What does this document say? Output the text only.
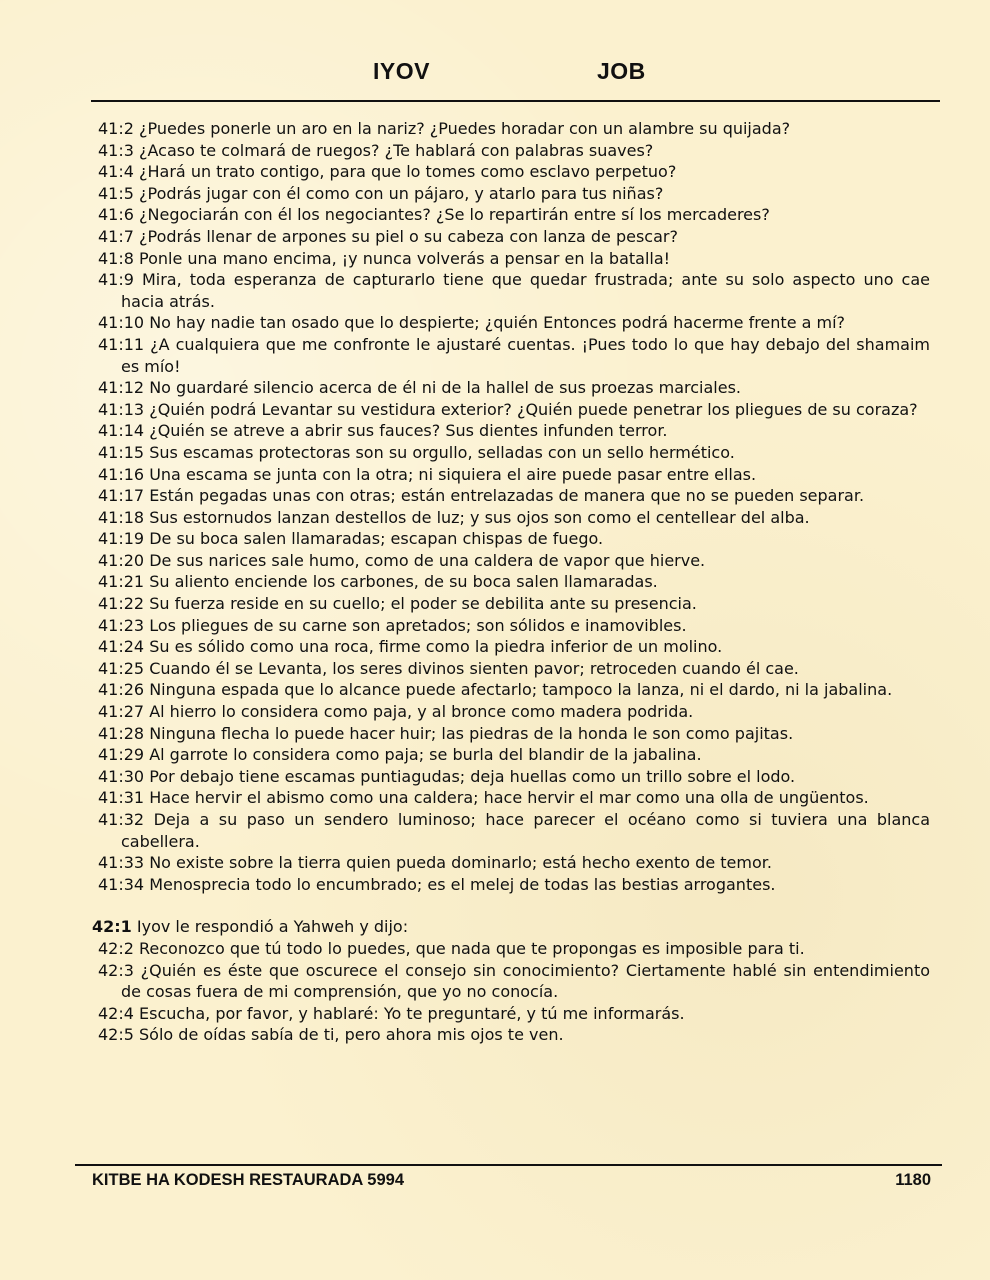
IYOV	JOB

41:2 ¿Puedes ponerle un aro en la nariz? ¿Puedes horadar con un alambre su quijada?

41:3 ¿Acaso te colmará de ruegos? ¿Te hablará con palabras suaves?

41:4 ¿Hará un trato contigo, para que lo tomes como esclavo perpetuo?

41:5 ¿Podrás jugar con él como con un pájaro, y atarlo para tus niñas?

41:6 ¿Negociarán con él los negociantes? ¿Se lo repartirán entre sí los mercaderes?

41:7 ¿Podrás llenar de arpones su piel o su cabeza con lanza de pescar?

41:8 Ponle una mano encima, ¡y nunca volverás a pensar en la batalla!

41:9 Mira, toda esperanza de capturarlo tiene que quedar frustrada; ante su solo aspecto uno cae hacia atrás.

41:10 No hay nadie tan osado que lo despierte; ¿quién Entonces podrá hacerme frente a mí?

41:11 ¿A cualquiera que me confronte le ajustaré cuentas. ¡Pues todo lo que hay debajo del shamaim es mío!

41:12 No guardaré silencio acerca de él ni de la hallel de sus proezas marciales.

41:13 ¿Quién podrá Levantar su vestidura exterior? ¿Quién puede penetrar los pliegues de su coraza?

41:14 ¿Quién se atreve a abrir sus fauces? Sus dientes infunden terror.

41:15 Sus escamas protectoras son su orgullo, selladas con un sello hermético.

41:16 Una escama se junta con la otra; ni siquiera el aire puede pasar entre ellas.

41:17 Están pegadas unas con otras; están entrelazadas de manera que no se pueden separar.

41:18 Sus estornudos lanzan destellos de luz; y sus ojos son como el centellear del alba.

41:19 De su boca salen llamaradas; escapan chispas de fuego.

41:20 De sus narices sale humo, como de una caldera de vapor que hierve.

41:21 Su aliento enciende los carbones, de su boca salen llamaradas.

41:22 Su fuerza reside en su cuello; el poder se debilita ante su presencia.

41:23 Los pliegues de su carne son apretados; son sólidos e inamovibles.

41:24 Su es sólido como una roca, firme como la piedra inferior de un molino.

41:25 Cuando él se Levanta, los seres divinos sienten pavor; retroceden cuando él cae.

41:26 Ninguna espada que lo alcance puede afectarlo; tampoco la lanza, ni el dardo, ni la jabalina.

41:27 Al hierro lo considera como paja, y al bronce como madera podrida.

41:28 Ninguna flecha lo puede hacer huir; las piedras de la honda le son como pajitas.

41:29 Al garrote lo considera como paja; se burla del blandir de la jabalina.

41:30 Por debajo tiene escamas puntiagudas; deja huellas como un trillo sobre el lodo.

41:31 Hace hervir el abismo como una caldera; hace hervir el mar como una olla de ungüentos.

41:32 Deja a su paso un sendero luminoso; hace parecer el océano como si tuviera una blanca cabellera.

41:33 No existe sobre la tierra quien pueda dominarlo; está hecho exento de temor.

41:34 Menosprecia todo lo encumbrado; es el melej de todas las bestias arrogantes.

42:1 Iyov le respondió a Yahweh y dijo:

42:2 Reconozco que tú todo lo puedes, que nada que te propongas es imposible para ti.

42:3 ¿Quién es éste que oscurece el consejo sin conocimiento? Ciertamente hablé sin entendimiento de cosas fuera de mi comprensión, que yo no conocía.

42:4 Escucha, por favor, y hablaré: Yo te preguntaré, y tú me informarás.

42:5 Sólo de oídas sabía de ti, pero ahora mis ojos te ven.

KITBE HA KODESH RESTAURADA 5994	1180
